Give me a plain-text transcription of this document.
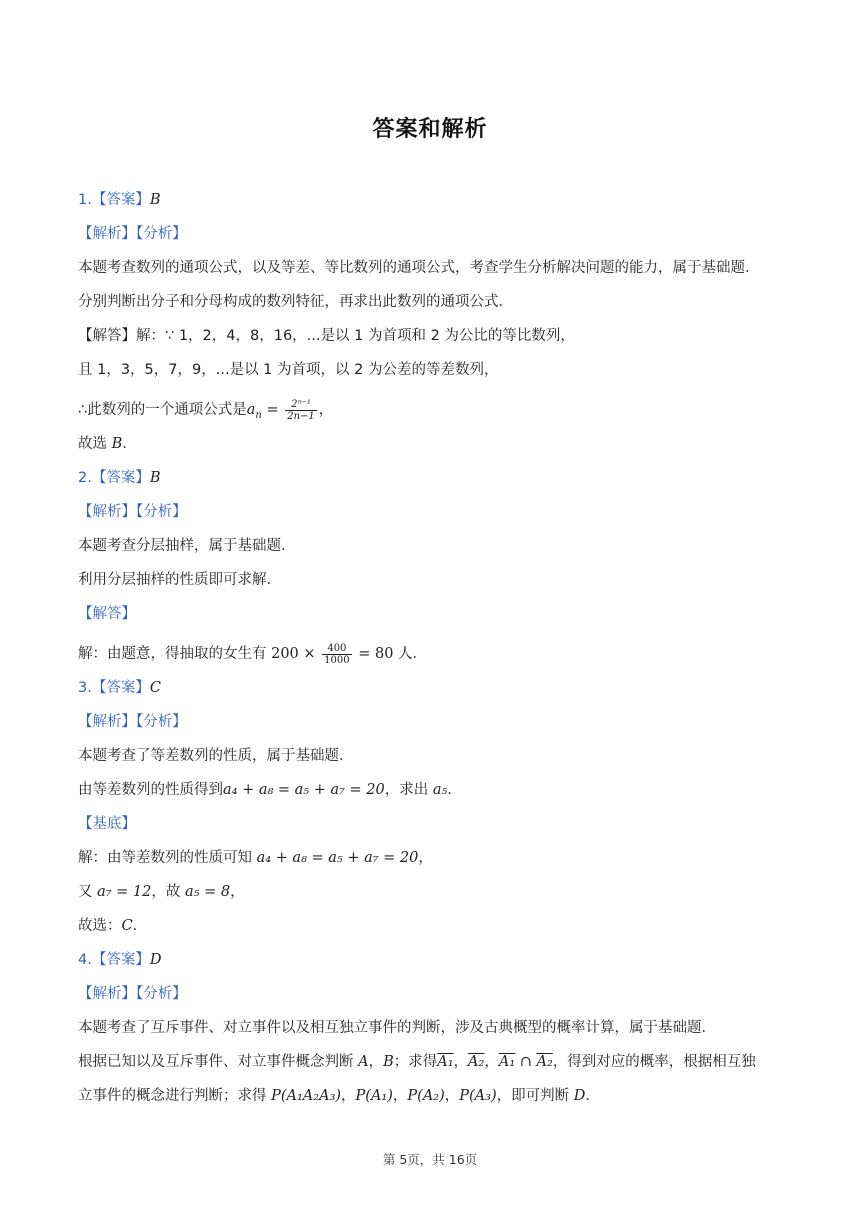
答案和解析
1.【答案】B
【解析】【分析】
本题考查数列的通项公式，以及等差、等比数列的通项公式，考查学生分析解决问题的能力，属于基础题．
分别判断出分子和分母构成的数列特征，再求出此数列的通项公式．
【解答】解：∵ 1，2，4，8，16，...是以 1 为首项和 2 为公比的等比数列，
且 1，3，5，7，9，...是以 1 为首项，以 2 为公差的等差数列，
∴此数列的一个通项公式是$a_n = \frac{\text{2ⁿ⁻¹}}{2n-1}$ ，
故选 B．
2.【答案】B
【解析】【分析】
本题考查分层抽样，属于基础题．
利用分层抽样的性质即可求解．
【解答】
解：由题意，得抽取的女生有 $200 \times \frac{400}{1000} = 80$ 人．
3.【答案】C
【解析】【分析】
本题考查了等差数列的性质，属于基础题．
由等差数列的性质得到a₄ + a₈ = a₅ + a₇ = 20，求出 a₅．
【基底】
解：由等差数列的性质可知 a₄ + a₈ = a₅ + a₇ = 20，
又 a₇ = 12，故 a₅ = 8，
故选：C．
4.【答案】D
【解析】【分析】
本题考查了互斥事件、对立事件以及相互独立事件的判断，涉及古典概型的概率计算，属于基础题．
根据已知以及互斥事件、对立事件概念判断 A，B；求得A₁，A₂，A₁ ∩ A₂，得到对应的概率，根据相互独
立事件的概念进行判断；求得 P(A₁A₂A₃)，P(A₁)，P(A₂)，P(A₃)，即可判断 D．
第 5页，共 16页
